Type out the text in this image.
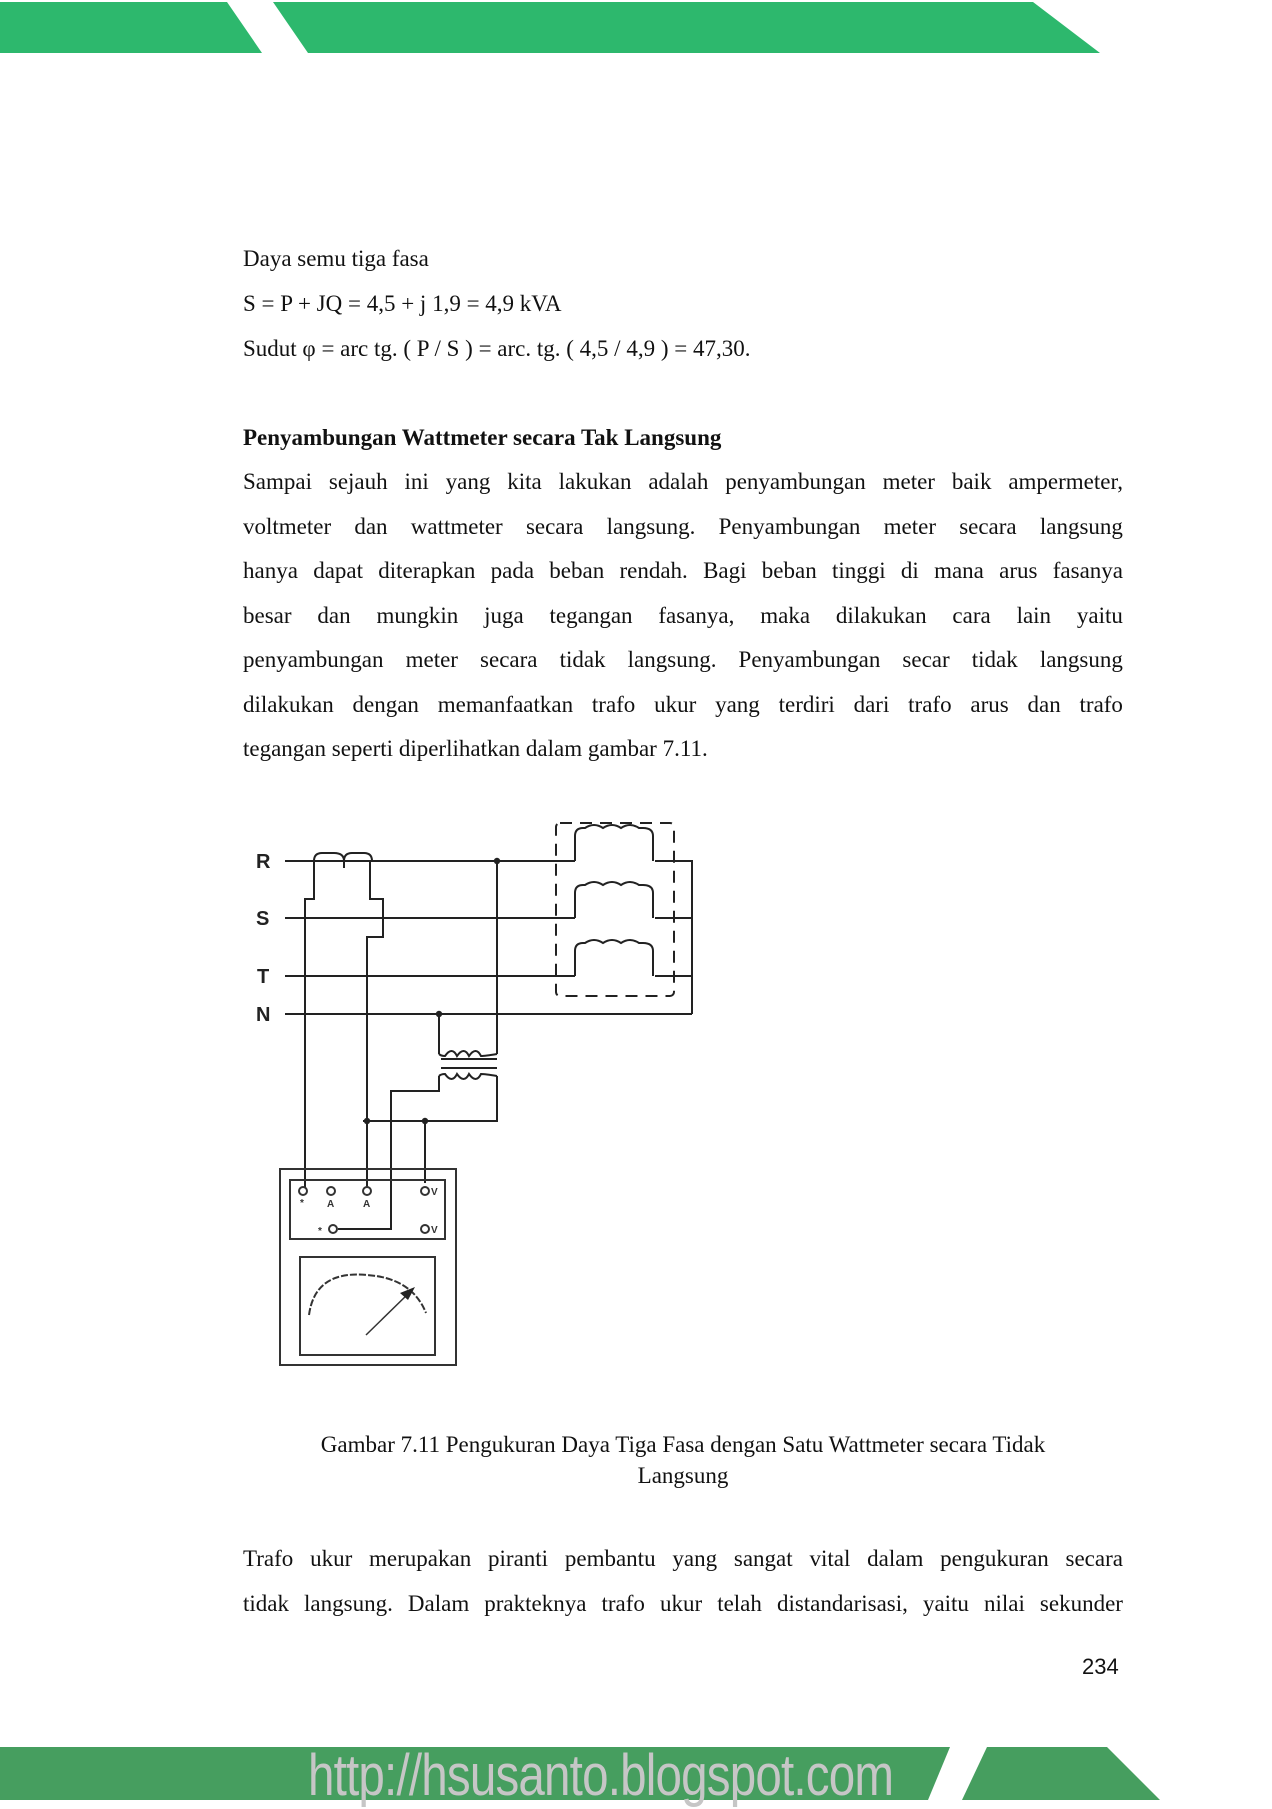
Daya semu tiga fasa
S = P + JQ = 4,5 + j 1,9 = 4,9 kVA
Sudut φ = arc tg. ( P / S ) = arc. tg. ( 4,5 / 4,9 ) = 47,30.
Penyambungan Wattmeter secara Tak Langsung
Sampai sejauh ini yang kita lakukan adalah penyambungan meter baik ampermeter,
voltmeter dan wattmeter secara langsung. Penyambungan meter secara langsung
hanya dapat diterapkan pada beban rendah. Bagi beban tinggi di mana arus fasanya
besar dan mungkin juga tegangan fasanya, maka dilakukan cara lain yaitu
penyambungan meter secara tidak langsung. Penyambungan secar tidak langsung
dilakukan dengan memanfaatkan trafo ukur yang terdiri dari trafo arus dan trafo
tegangan seperti diperlihatkan dalam gambar 7.11.
R
S
T
N
* A	A
V
*	V
Gambar 7.11 Pengukuran Daya Tiga Fasa dengan Satu Wattmeter secara Tidak
Langsung
Trafo ukur merupakan piranti pembantu yang sangat vital dalam pengukuran secara
tidak langsung. Dalam prakteknya trafo ukur telah distandarisasi, yaitu nilai sekunder
234
http://hsusanto.blogspot.com
